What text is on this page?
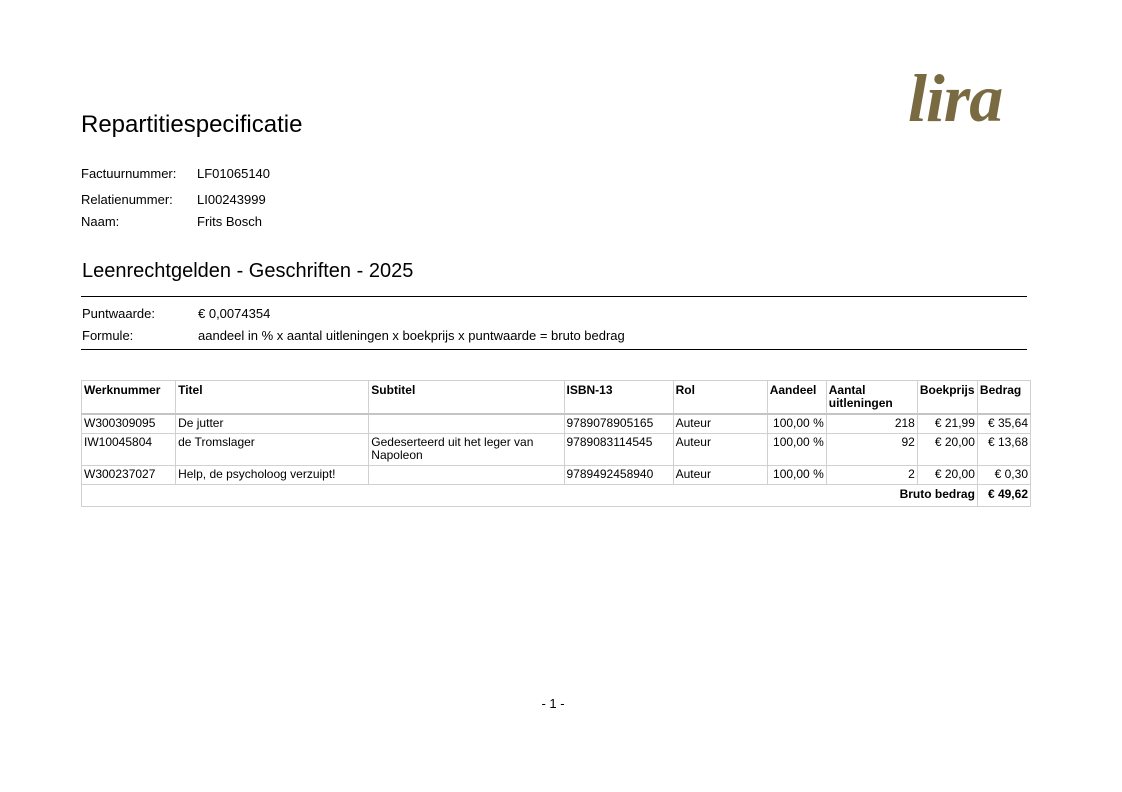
lira
Repartitiespecificatie
Factuurnummer: LF01065140
Relatienummer: LI00243999
Naam:	Frits Bosch
Leenrechtgelden - Geschriften - 2025
Puntwaarde:	€ 0,0074354
Formule:	aandeel in % x aantal uitleningen x boekprijs x puntwaarde = bruto bedrag
Werknummer	Titel	Subtitel	ISBN-13	Rol	Aandeel	Aantal uitleningen	Boekprijs	Bedrag
W300309095	De jutter		9789078905165	Auteur	100,00 %	218	€ 21,99	€ 35,64
IW10045804	de Tromslager	Gedeserteerd uit het leger van Napoleon	9789083114545	Auteur	100,00 %	92	€ 20,00	€ 13,68
W300237027	Help, de psycholoog verzuipt!		9789492458940	Auteur	100,00 %	2	€ 20,00	€ 0,30
Bruto bedrag								€ 49,62
- 1 -
